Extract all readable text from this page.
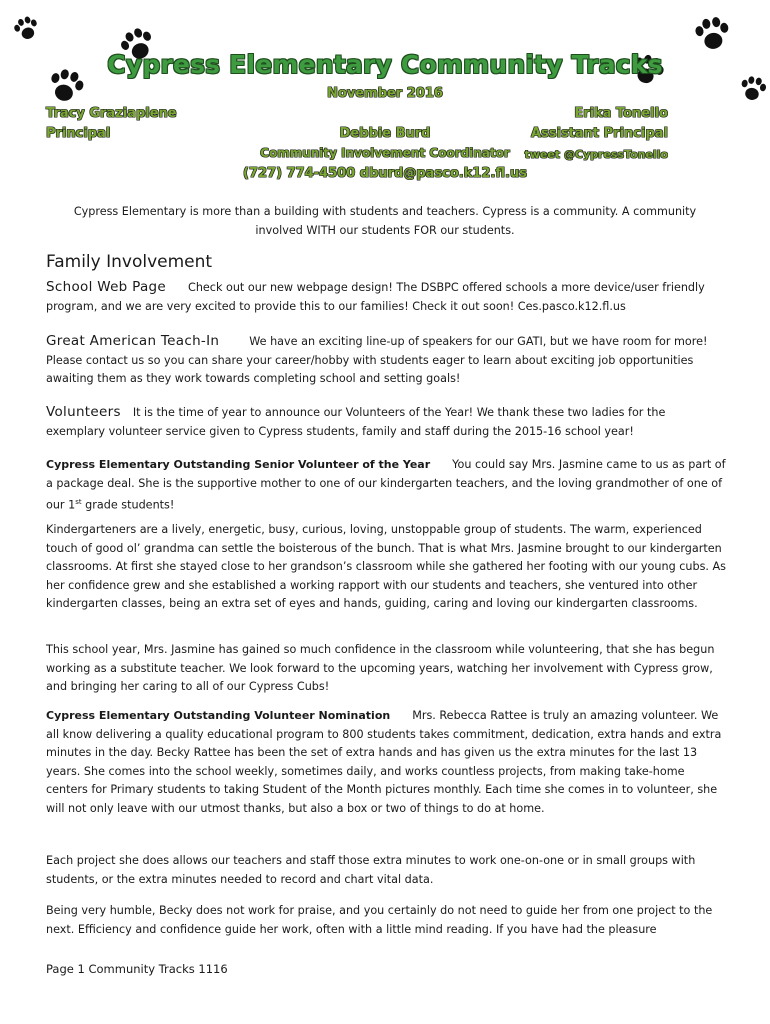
Cypress Elementary Community Tracks
November 2016
Tracy Graziaplene
Principal
Erika Tonello
Assistant Principal
tweet @CypressTonello
Debbie Burd
Community Involvement Coordinator
(727) 774-4500 dburd@pasco.k12.fl.us
Cypress Elementary is more than a building with students and teachers. Cypress is a community. A community involved WITH our students FOR our students.
Family Involvement
School Web Page Check out our new webpage design! The DSBPC offered schools a more device/user friendly program, and we are very excited to provide this to our families! Check it out soon! Ces.pasco.k12.fl.us
Great American Teach-In	We have an exciting line-up of speakers for our GATI, but we have room for more! Please contact us so you can share your career/hobby with students eager to learn about exciting job opportunities awaiting them as they work towards completing school and setting goals!
Volunteers It is the time of year to announce our Volunteers of the Year! We thank these two ladies for the exemplary volunteer service given to Cypress students, family and staff during the 2015-16 school year!
Cypress Elementary Outstanding Senior Volunteer of the Year You could say Mrs. Jasmine came to us as part of a package deal. She is the supportive mother to one of our kindergarten teachers, and the loving grandmother of one of our 1st grade students!
Kindergarteners are a lively, energetic, busy, curious, loving, unstoppable group of students. The warm, experienced touch of good ol’ grandma can settle the boisterous of the bunch. That is what Mrs. Jasmine brought to our kindergarten classrooms. At first she stayed close to her grandson’s classroom while she gathered her footing with our young cubs. As her confidence grew and she established a working rapport with our students and teachers, she ventured into other kindergarten classes, being an extra set of eyes and hands, guiding, caring and loving our kindergarten classrooms.
This school year, Mrs. Jasmine has gained so much confidence in the classroom while volunteering, that she has begun working as a substitute teacher. We look forward to the upcoming years, watching her involvement with Cypress grow, and bringing her caring to all of our Cypress Cubs!
Cypress Elementary Outstanding Volunteer Nomination Mrs. Rebecca Rattee is truly an amazing volunteer. We all know delivering a quality educational program to 800 students takes commitment, dedication, extra hands and extra minutes in the day. Becky Rattee has been the set of extra hands and has given us the extra minutes for the last 13 years. She comes into the school weekly, sometimes daily, and works countless projects, from making take-home centers for Primary students to taking Student of the Month pictures monthly. Each time she comes in to volunteer, she will not only leave with our utmost thanks, but also a box or two of things to do at home.
Each project she does allows our teachers and staff those extra minutes to work one-on-one or in small groups with students, or the extra minutes needed to record and chart vital data.
Being very humble, Becky does not work for praise, and you certainly do not need to guide her from one project to the next. Efficiency and confidence guide her work, often with a little mind reading. If you have had the pleasure
Page 1 Community Tracks 1116
